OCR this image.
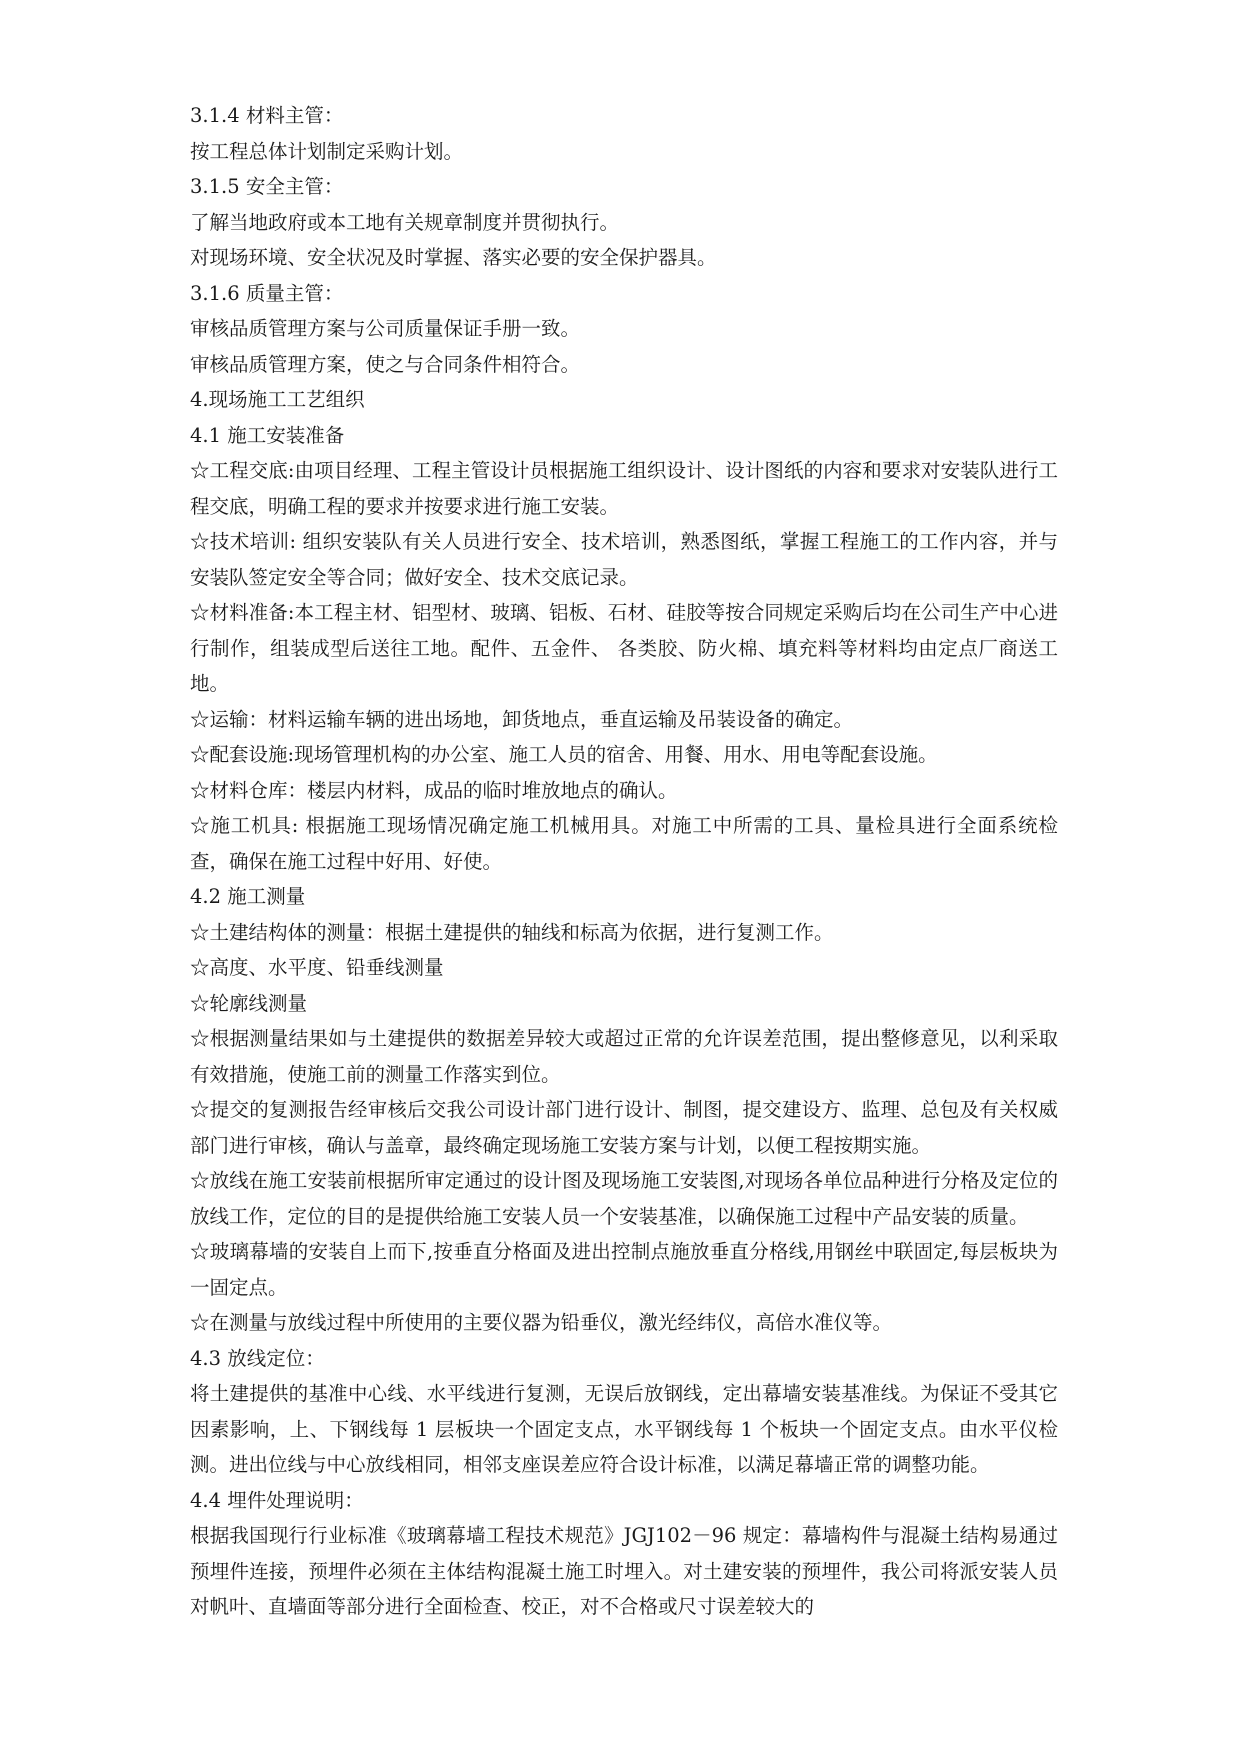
3.1.4 材料主管：

按工程总体计划制定采购计划。

3.1.5 安全主管：

了解当地政府或本工地有关规章制度并贯彻执行。

对现场环境、安全状况及时掌握、落实必要的安全保护器具。

3.1.6 质量主管：

审核品质管理方案与公司质量保证手册一致。

审核品质管理方案，使之与合同条件相符合。

4.现场施工工艺组织

4.1 施工安装准备

☆工程交底:由项目经理、工程主管设计员根据施工组织设计、设计图纸的内容和要求对安装队进行工程交底，明确工程的要求并按要求进行施工安装。

☆技术培训: 组织安装队有关人员进行安全、技术培训，熟悉图纸，掌握工程施工的工作内容，并与安装队签定安全等合同；做好安全、技术交底记录。

☆材料准备:本工程主材、铝型材、玻璃、铝板、石材、硅胶等按合同规定采购后均在公司生产中心进行制作，组装成型后送往工地。配件、五金件、 各类胶、防火棉、填充料等材料均由定点厂商送工地。

☆运输：材料运输车辆的进出场地，卸货地点，垂直运输及吊装设备的确定。

☆配套设施:现场管理机构的办公室、施工人员的宿舍、用餐、用水、用电等配套设施。

☆材料仓库：楼层内材料，成品的临时堆放地点的确认。

☆施工机具: 根据施工现场情况确定施工机械用具。对施工中所需的工具、量检具进行全面系统检查，确保在施工过程中好用、好使。

4.2 施工测量

☆土建结构体的测量：根据土建提供的轴线和标高为依据，进行复测工作。

☆高度、水平度、铅垂线测量

☆轮廓线测量

☆根据测量结果如与土建提供的数据差异较大或超过正常的允许误差范围，提出整修意见，以利采取有效措施，使施工前的测量工作落实到位。

☆提交的复测报告经审核后交我公司设计部门进行设计、制图，提交建设方、监理、总包及有关权威部门进行审核，确认与盖章，最终确定现场施工安装方案与计划，以便工程按期实施。

☆放线在施工安装前根据所审定通过的设计图及现场施工安装图,对现场各单位品种进行分格及定位的放线工作，定位的目的是提供给施工安装人员一个安装基准，以确保施工过程中产品安装的质量。

☆玻璃幕墙的安装自上而下,按垂直分格面及进出控制点施放垂直分格线,用钢丝中联固定,每层板块为一固定点。

☆在测量与放线过程中所使用的主要仪器为铅垂仪，激光经纬仪，高倍水准仪等。

4.3 放线定位：

将土建提供的基准中心线、水平线进行复测，无误后放钢线，定出幕墙安装基准线。为保证不受其它因素影响，上、下钢线每 1 层板块一个固定支点，水平钢线每 1 个板块一个固定支点。由水平仪检测。进出位线与中心放线相同，相邻支座误差应符合设计标准，以满足幕墙正常的调整功能。

4.4 埋件处理说明：

根据我国现行行业标准《玻璃幕墙工程技术规范》JGJ102－96 规定：幕墙构件与混凝土结构易通过预埋件连接，预埋件必须在主体结构混凝土施工时埋入。对土建安装的预埋件，我公司将派安装人员对帆叶、直墙面等部分进行全面检查、校正，对不合格或尺寸误差较大的
